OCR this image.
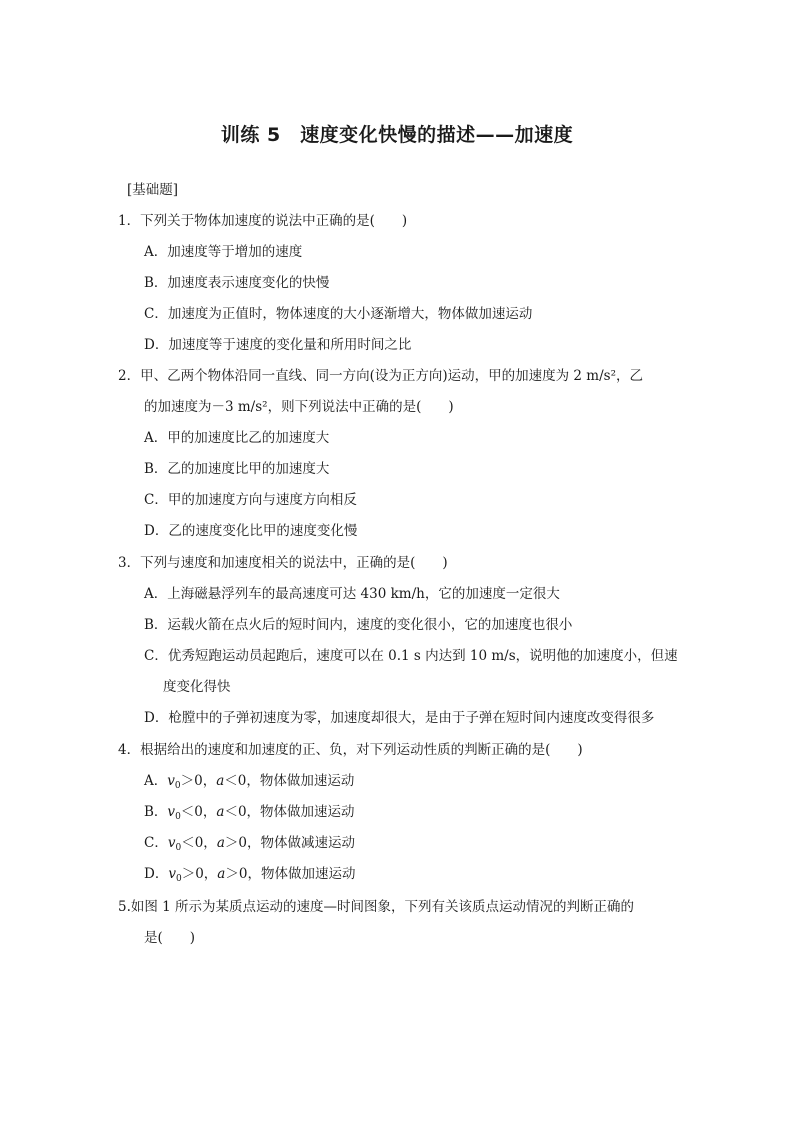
训练 5　速度变化快慢的描述——加速度
[基础题]
1．下列关于物体加速度的说法中正确的是(　　)
A．加速度等于增加的速度
B．加速度表示速度变化的快慢
C．加速度为正值时，物体速度的大小逐渐增大，物体做加速运动
D．加速度等于速度的变化量和所用时间之比
2．甲、乙两个物体沿同一直线、同一方向(设为正方向)运动，甲的加速度为 2 m/s²，乙
的加速度为－3 m/s²，则下列说法中正确的是(　　)
A．甲的加速度比乙的加速度大
B．乙的加速度比甲的加速度大
C．甲的加速度方向与速度方向相反
D．乙的速度变化比甲的速度变化慢
3．下列与速度和加速度相关的说法中，正确的是(　　)
A．上海磁悬浮列车的最高速度可达 430 km/h，它的加速度一定很大
B．运载火箭在点火后的短时间内，速度的变化很小，它的加速度也很小
C．优秀短跑运动员起跑后，速度可以在 0.1 s 内达到 10 m/s，说明他的加速度小，但速
度变化得快
D．枪膛中的子弹初速度为零，加速度却很大，是由于子弹在短时间内速度改变得很多
4．根据给出的速度和加速度的正、负，对下列运动性质的判断正确的是(　　)
A．$v_0>0$，a＜0，物体做加速运动
B．$v_0<0$，a＜0，物体做加速运动
C．$v_0<0$，a＞0，物体做减速运动
D．$v_0>0$，a＞0，物体做加速运动
5.如图 1 所示为某质点运动的速度—时间图象，下列有关该质点运动情况的判断正确的
是(　　)
